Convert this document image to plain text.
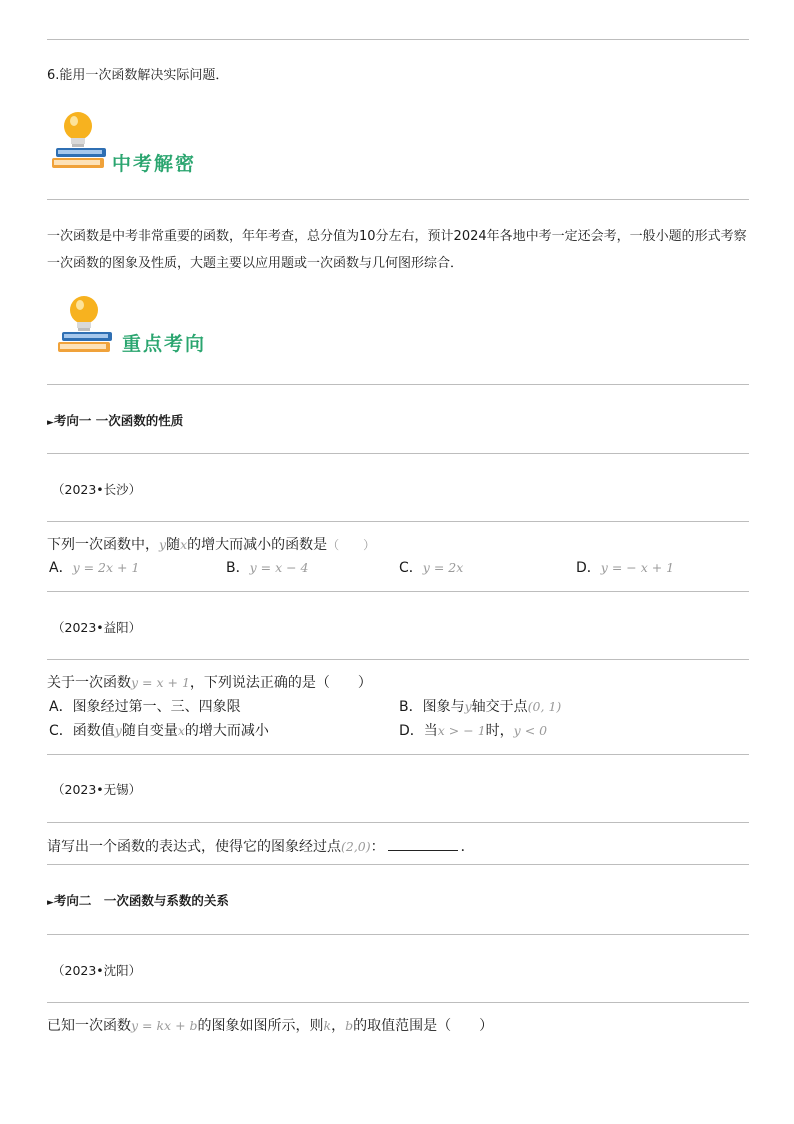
6.能用一次函数解决实际问题．
中考解密
一次函数是中考非常重要的函数，年年考查，总分值为10分左右，预计2024年各地中考一定还会考，一般小题的形式考察一次函数的图象及性质，大题主要以应用题或一次函数与几何图形综合．
重点考向
►考向一 一次函数的性质
（2023•长沙）
下列一次函数中，y随x的增大而减小的函数是（　　）
A．y = 2x + 1	B．y = x − 4	C．y = 2x	D．y = − x + 1
（2023•益阳）
关于一次函数y = x + 1，下列说法正确的是（　　）
A．图象经过第一、三、四象限	B．图象与y轴交于点(0, 1)
C．函数值y随自变量x的增大而减小	D．当x > − 1时，y < 0
（2023•无锡）
请写出一个函数的表达式，使得它的图象经过点(2,0)：	．
►考向二　一次函数与系数的关系
（2023•沈阳）
已知一次函数y = kx + b的图象如图所示，则k，b的取值范围是（　　）
